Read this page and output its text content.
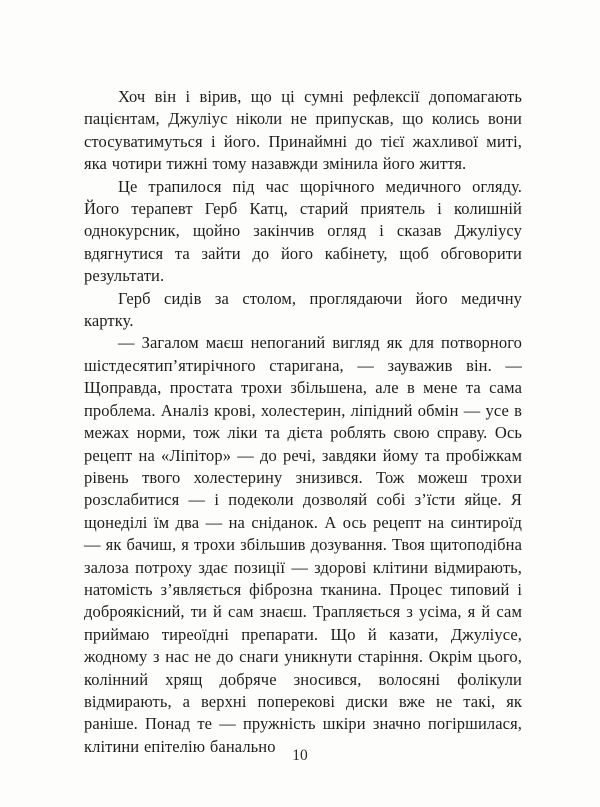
Хоч він і вірив, що ці сумні рефлексії допомагають пацієнтам, Джуліус ніколи не припускав, що колись вони стосуватимуться і його. Принаймні до тієї жахливої миті, яка чотири тижні тому назавжди змінила його життя.

Це трапилося під час щорічного медичного огляду. Його терапевт Герб Катц, старий приятель і колишній однокурсник, щойно закінчив огляд і сказав Джуліусу вдягнутися та зайти до його кабінету, щоб обговорити результати.

Герб сидів за столом, проглядаючи його медичну картку.

— Загалом маєш непоганий вигляд як для потворного шістдесятип’ятирічного старигана, — зауважив він. — Щоправда, простата трохи збільшена, але в мене та сама проблема. Аналіз крові, холестерин, ліпідний обмін — усе в межах норми, тож ліки та дієта роблять свою справу. Ось рецепт на «Ліпітор» — до речі, завдяки йому та пробіжкам рівень твого холестерину знизився. Тож можеш трохи розслабитися — і подеколи дозволяй собі з’їсти яйце. Я щонеділі їм два — на сніданок. А ось рецепт на синтироїд — як бачиш, я трохи збільшив дозування. Твоя щитоподібна залоза потроху здає позиції — здорові клітини відмирають, натомість з’являється фіброзна тканина. Процес типовий і доброякісний, ти й сам знаєш. Трапляється з усіма, я й сам приймаю тиреоїдні препарати. Що й казати, Джуліусе, жодному з нас не до снаги уникнути старіння. Окрім цього, колінний хрящ добряче зносився, волосяні фолікули відмирають, а верхні поперекові диски вже не такі, як раніше. Понад те — пружність шкіри значно погіршилася, клітини епітелію банально	10
